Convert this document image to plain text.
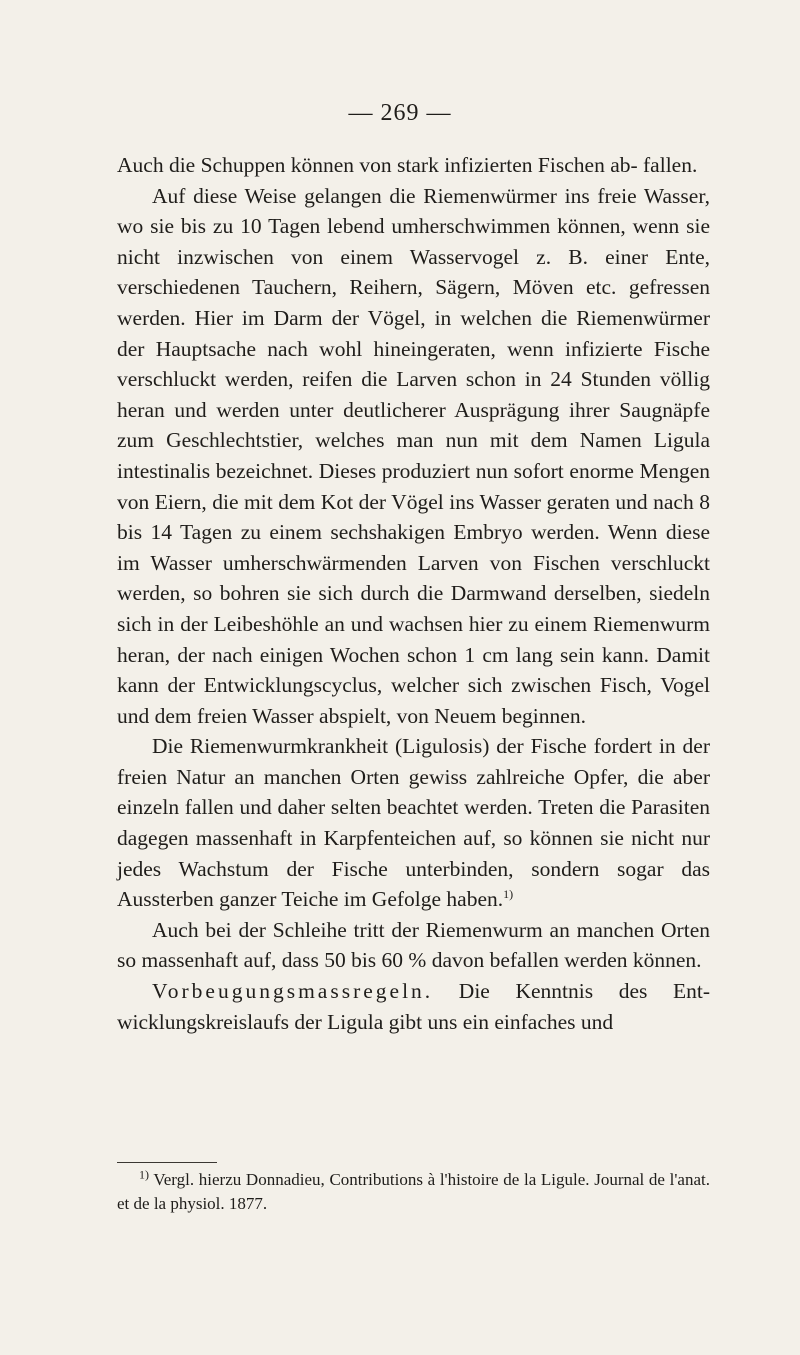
— 269 —

Auch die Schuppen können von stark infizierten Fischen ab- fallen.

Auf diese Weise gelangen die Riemenwürmer ins freie Wasser, wo sie bis zu 10 Tagen lebend umherschwimmen können, wenn sie nicht inzwischen von einem Wasservogel z. B. einer Ente, verschiedenen Tauchern, Reihern, Sägern, Möven etc. gefressen werden. Hier im Darm der Vögel, in welchen die Riemenwürmer der Hauptsache nach wohl hineingeraten, wenn infizierte Fische verschluckt werden, reifen die Larven schon in 24 Stunden völlig heran und werden unter deutlicherer Ausprägung ihrer Saugnäpfe zum Geschlechtstier, welches man nun mit dem Namen Ligula intestinalis bezeichnet. Dieses produziert nun sofort enorme Mengen von Eiern, die mit dem Kot der Vögel ins Wasser geraten und nach 8 bis 14 Tagen zu einem sechshakigen Embryo werden. Wenn diese im Wasser umherschwärmenden Larven von Fischen verschluckt werden, so bohren sie sich durch die Darmwand derselben, siedeln sich in der Leibeshöhle an und wachsen hier zu einem Riemenwurm heran, der nach einigen Wochen schon 1 cm lang sein kann. Damit kann der Entwicklungscyclus, welcher sich zwischen Fisch, Vogel und dem freien Wasser abspielt, von Neuem beginnen.

Die Riemenwurmkrankheit (Ligulosis) der Fische fordert in der freien Natur an manchen Orten gewiss zahlreiche Opfer, die aber einzeln fallen und daher selten beachtet werden. Treten die Parasiten dagegen massenhaft in Karpfenteichen auf, so können sie nicht nur jedes Wachstum der Fische unterbinden, sondern sogar das Aussterben ganzer Teiche im Gefolge haben.$^{1)}$

Auch bei der Schleihe tritt der Riemenwurm an manchen Orten so massenhaft auf, dass 50 bis 60 % davon befallen werden können.

Vorbeugungsmassregeln. Die Kenntnis des Ent- wicklungskreislaufs der Ligula gibt uns ein einfaches und

$^{1)}$ Vergl. hierzu Donnadieu, Contributions à l'histoire de la Ligule. Journal de l'anat. et de la physiol. 1877.
